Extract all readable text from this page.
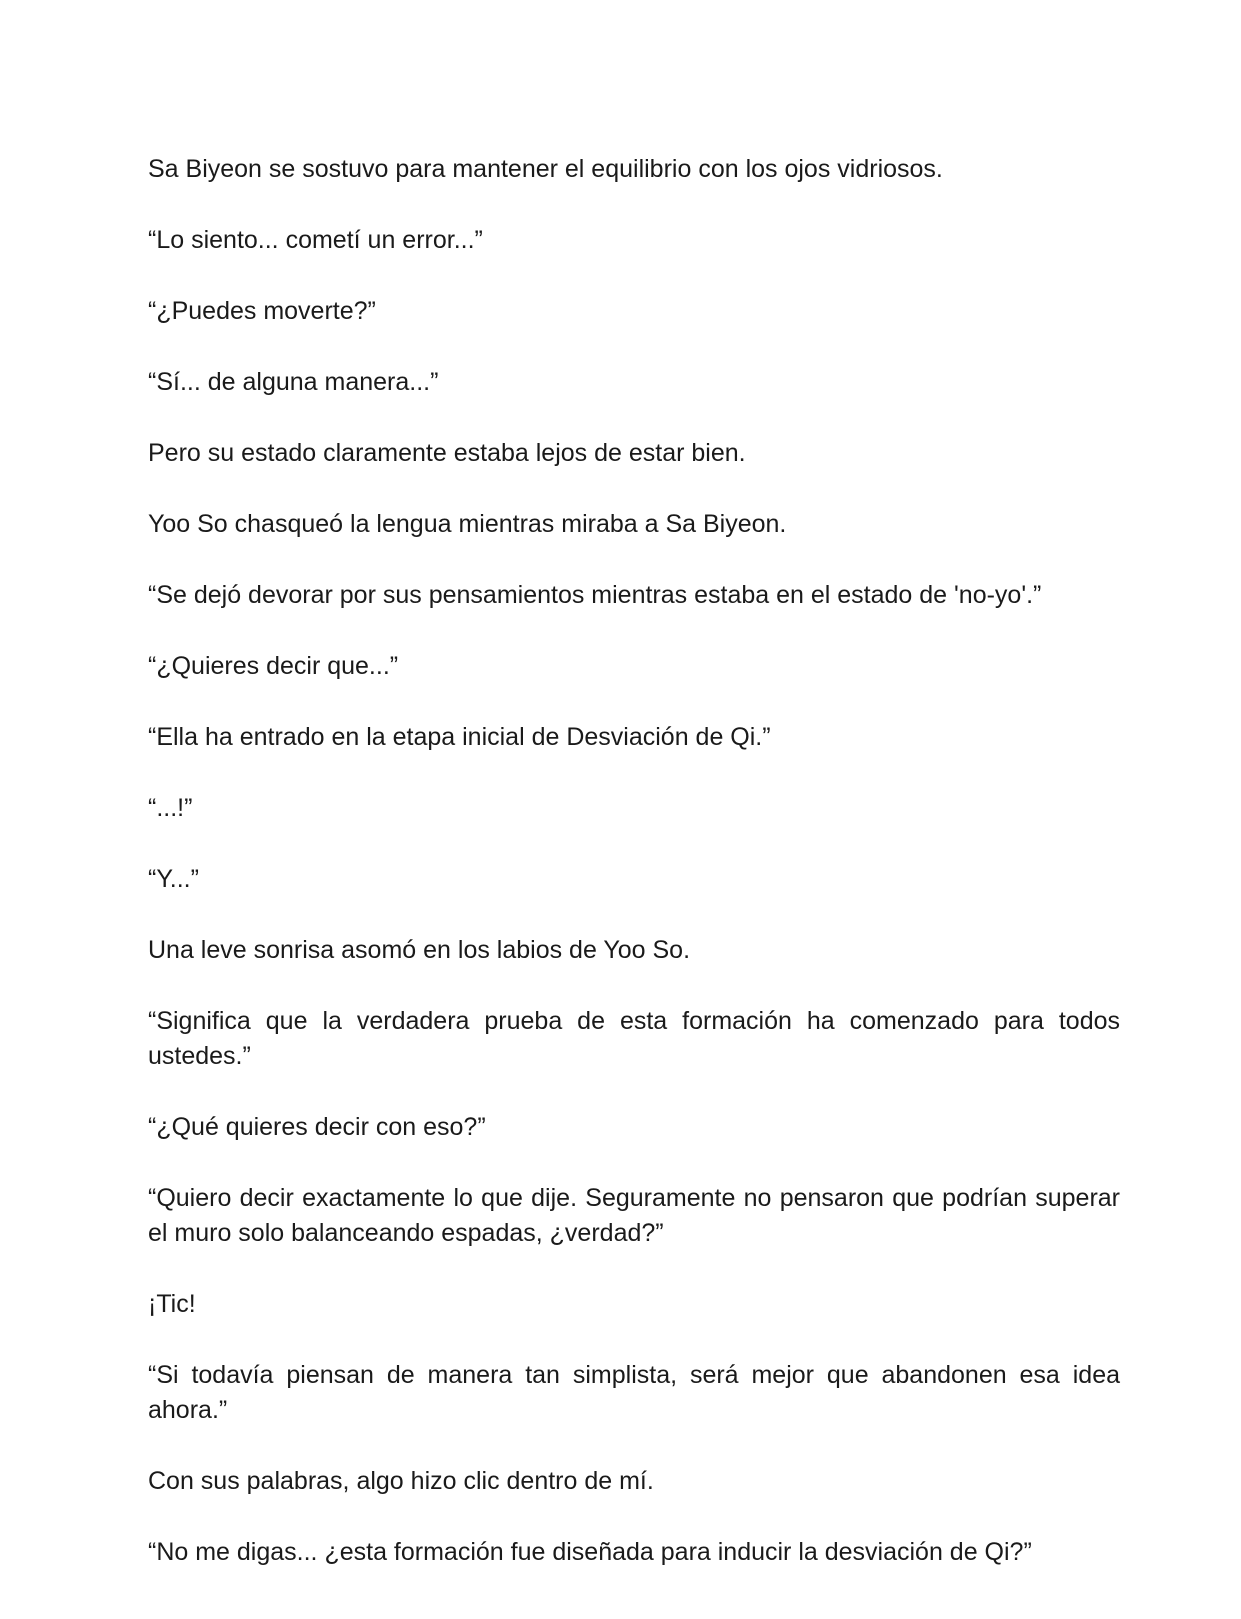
Sa Biyeon se sostuvo para mantener el equilibrio con los ojos vidriosos.

“Lo siento... cometí un error...”

“¿Puedes moverte?”

“Sí... de alguna manera...”

Pero su estado claramente estaba lejos de estar bien.

Yoo So chasqueó la lengua mientras miraba a Sa Biyeon.

“Se dejó devorar por sus pensamientos mientras estaba en el estado de 'no-yo'.”

“¿Quieres decir que...”

“Ella ha entrado en la etapa inicial de Desviación de Qi.”

“...!”

“Y...”

Una leve sonrisa asomó en los labios de Yoo So.

“Significa que la verdadera prueba de esta formación ha comenzado para todos ustedes.”

“¿Qué quieres decir con eso?”

“Quiero decir exactamente lo que dije. Seguramente no pensaron que podrían superar el muro solo balanceando espadas, ¿verdad?”

¡Tic!

“Si todavía piensan de manera tan simplista, será mejor que abandonen esa idea ahora.”

Con sus palabras, algo hizo clic dentro de mí.

“No me digas... ¿esta formación fue diseñada para inducir la desviación de Qi?”
